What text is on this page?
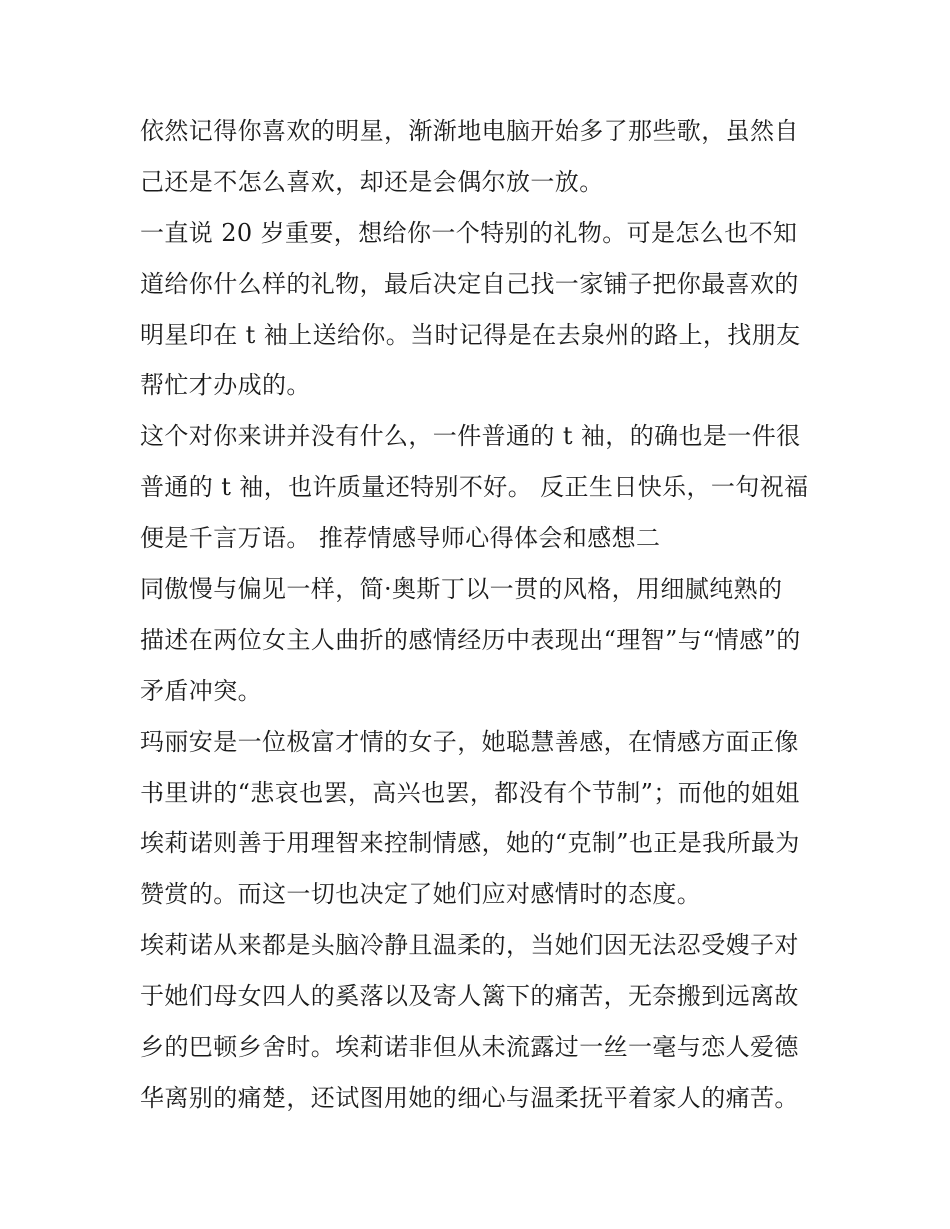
依然记得你喜欢的明星，渐渐地电脑开始多了那些歌，虽然自
己还是不怎么喜欢，却还是会偶尔放一放。
一直说 20 岁重要，想给你一个特别的礼物。可是怎么也不知
道给你什么样的礼物，最后决定自己找一家铺子把你最喜欢的
明星印在 t 袖上送给你。当时记得是在去泉州的路上，找朋友
帮忙才办成的。
这个对你来讲并没有什么，一件普通的 t 袖，的确也是一件很
普通的 t 袖，也许质量还特别不好。 反正生日快乐，一句祝福
便是千言万语。 推荐情感导师心得体会和感想二
同傲慢与偏见一样，简·奥斯丁以一贯的风格，用细腻纯熟的
描述在两位女主人曲折的感情经历中表现出“理智”与“情感”的
矛盾冲突。
玛丽安是一位极富才情的女子，她聪慧善感，在情感方面正像
书里讲的“悲哀也罢，高兴也罢，都没有个节制”；而他的姐姐
埃莉诺则善于用理智来控制情感，她的“克制”也正是我所最为
赞赏的。而这一切也决定了她们应对感情时的态度。
埃莉诺从来都是头脑冷静且温柔的，当她们因无法忍受嫂子对
于她们母女四人的奚落以及寄人篱下的痛苦，无奈搬到远离故
乡的巴顿乡舍时。埃莉诺非但从未流露过一丝一毫与恋人爱德
华离别的痛楚，还试图用她的细心与温柔抚平着家人的痛苦。
